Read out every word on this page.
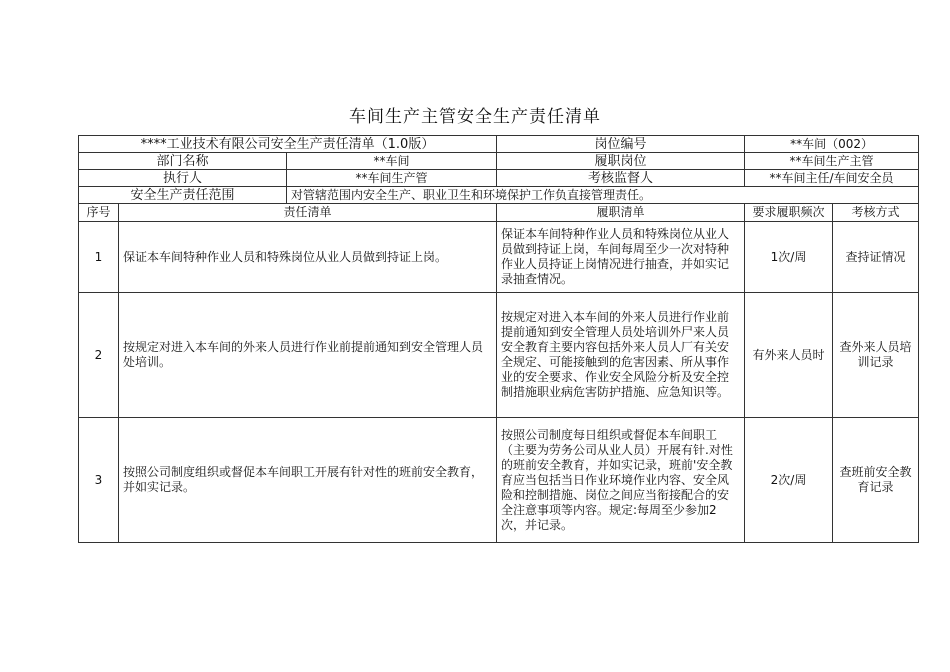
车间生产主管安全生产责任清单
****工业技术有限公司安全生产责任清单（1.0版）			岗位编号	**车间（002）	
部门名称		**车间	履职岗位	**车间生产主管	
执行人		**车间生产管	考核监督人	**车间主任/车间安全员	
安全生产责任范围		对管辖范围内安全生产、职业卫生和环境保护工作负直接管理责任。			
序号	责任清单		履职清单	要求履职频次	考核方式
1	保证本车间特种作业人员和特殊岗位从业人员做到持证上岗。		保证本车间特种作业人员和特殊岗位从业人员做到持证上岗，车间每周至少一次对特种作业人员持证上岗情况进行抽查，并如实记录抽查情况。	1次/周	查持证情况
2	按规定对进入本车间的外来人员进行作业前提前通知到安全管理人员处培训。		按规定对进入本车间的外来人员进行作业前提前通知到安全管理人员处培训外尸来人员安全教育主要内容包括外来人员人厂有关安全规定、可能接触到的危害因素、所从事作业的安全要求、作业安全风险分析及安全控制措施职业病危害防护措施、应急知识等。	有外来人员时	查外来人员培训记录
3	按照公司制度组织或督促本车间职工开展有针对性的班前安全教育，并如实记录。		按照公司制度每日组织或督促本车间职工（主要为劳务公司从业人员）开展有针.对性的班前安全教育，并如实记录，班前'安全教育应当包括当日作业环境作业内容、安全风险和控制措施、岗位之间应当衔接配合的安全注意事项等内容。规定:每周至少参加2次，并记录。	2次/周	查班前安全教育记录
